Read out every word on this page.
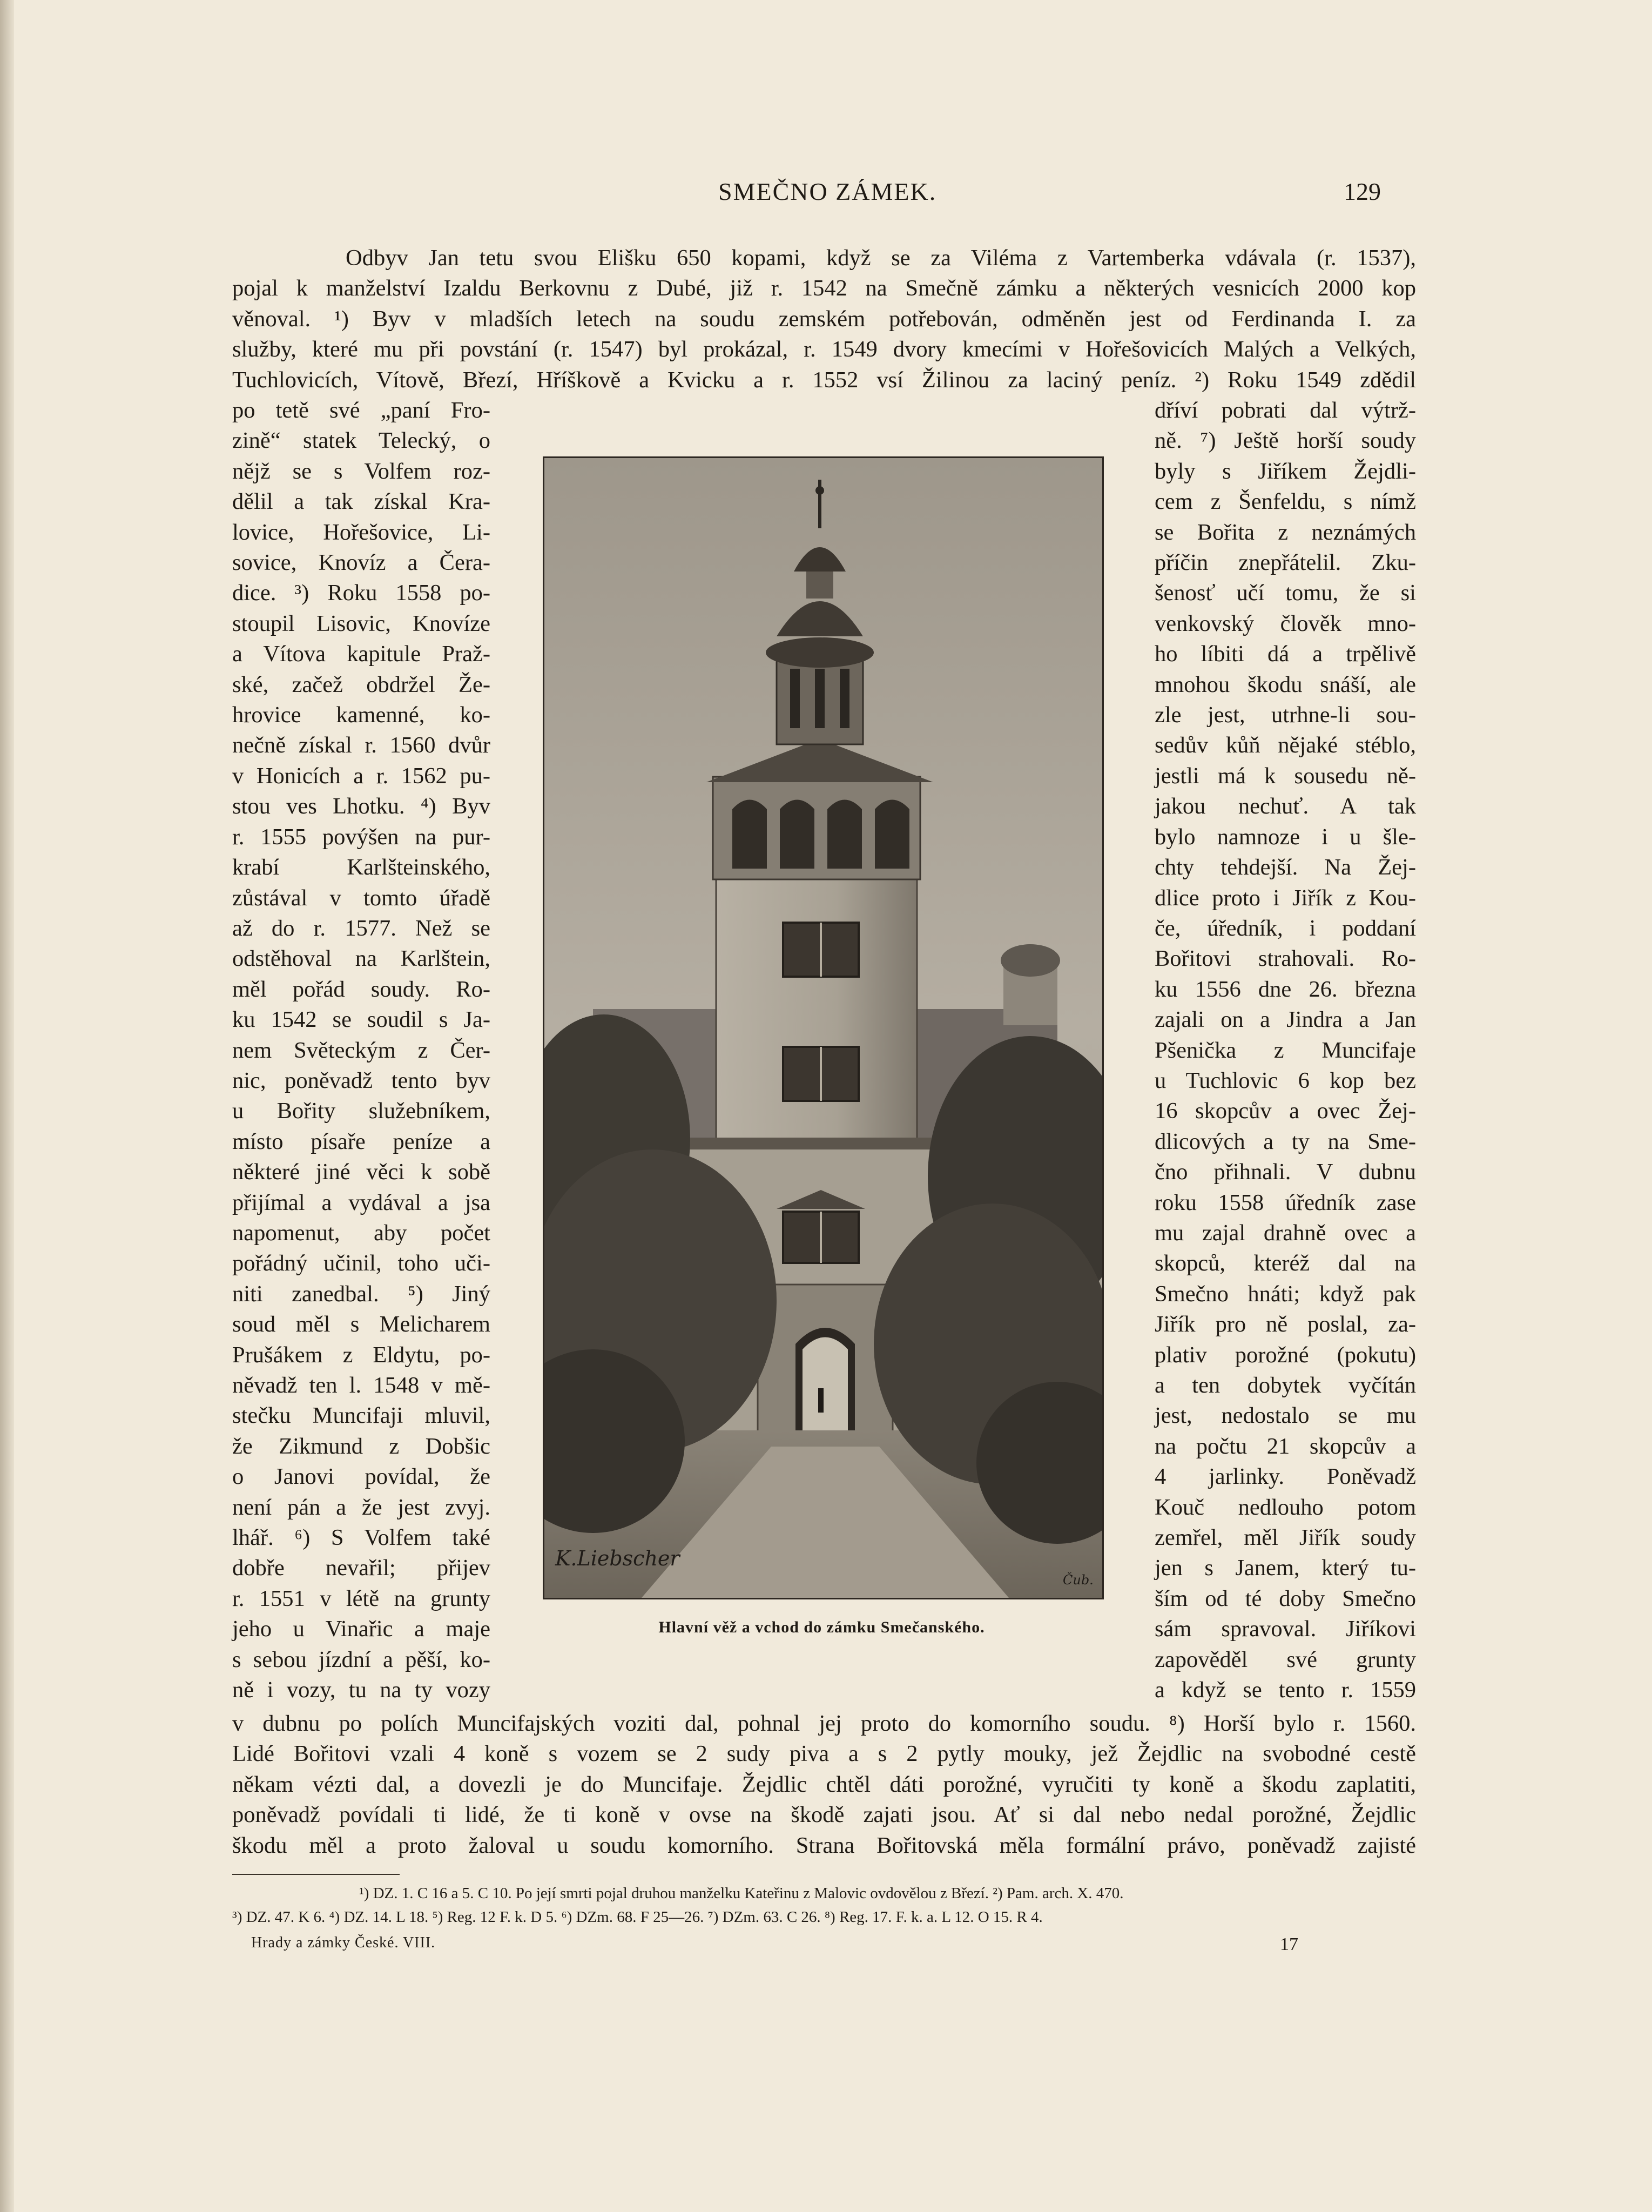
SMEČNO ZÁMEK.	129
Odbyv Jan tetu svou Elišku 650 kopami, když se za Viléma z Vartemberka vdávala (r. 1537),
pojal k manželství Izaldu Berkovnu z Dubé, již r. 1542 na Smečně zámku a některých vesnicích 2000 kop
věnoval. ¹) Byv v mladších letech na soudu zemském potřebován, odměněn jest od Ferdinanda I. za
služby, které mu při povstání (r. 1547) byl prokázal, r. 1549 dvory kmecími v Hořešovicích Malých a Velkých,
Tuchlovicích, Vítově, Březí, Hříškově a Kvicku a r. 1552 vsí Žilinou za laciný peníz. ²) Roku 1549 zdědil
po tetě své „paní Fro-
zině“ statek Telecký, o
nějž se s Volfem roz-
dělil a tak získal Kra-
lovice, Hořešovice, Li-
sovice, Knovíz a Čera-
dice. ³) Roku 1558 po-
stoupil Lisovic, Knovíze
a Vítova kapitule Praž-
ské, začež obdržel Že-
hrovice kamenné, ko-
nečně získal r. 1560 dvůr
v Honicích a r. 1562 pu-
stou ves Lhotku. ⁴) Byv
r. 1555 povýšen na pur-
krabí Karlšteinského,
zůstával v tomto úřadě
až do r. 1577. Než se
odstěhoval na Karlštein,
měl pořád soudy. Ro-
ku 1542 se soudil s Ja-
nem Světeckým z Čer-
nic, poněvadž tento byv
u Bořity služebníkem,
místo písaře peníze a
některé jiné věci k sobě
přijímal a vydával a jsa
napomenut, aby počet
pořádný učinil, toho uči-
niti zanedbal. ⁵) Jiný
soud měl s Melicharem
Prušákem z Eldytu, po-
něvadž ten l. 1548 v mě-
stečku Muncifaji mluvil,
že Zikmund z Dobšic
o Janovi povídal, že
není pán a že jest zvyj.
lhář. ⁶) S Volfem také
dobře nevařil; přijev
r. 1551 v létě na grunty
jeho u Vinařic a maje
s sebou jízdní a pěší, ko-
ně i vozy, tu na ty vozy
dříví pobrati dal výtrž-
ně. ⁷) Ještě horší soudy
byly s Jiříkem Žejdli-
cem z Šenfeldu, s nímž
se Bořita z neznámých
příčin znepřátelil. Zku-
šenosť učí tomu, že si
venkovský člověk mno-
ho líbiti dá a trpělivě
mnohou škodu snáší, ale
zle jest, utrhne-li sou-
sedův kůň nějaké stéblo,
jestli má k sousedu ně-
jakou nechuť. A tak
bylo namnoze i u šle-
chty tehdejší. Na Žej-
dlice proto i Jiřík z Kou-
če, úředník, i poddaní
Bořitovi strahovali. Ro-
ku 1556 dne 26. března
zajali on a Jindra a Jan
Pšenička z Muncifaje
u Tuchlovic 6 kop bez
16 skopcův a ovec Žej-
dlicových a ty na Sme-
čno přihnali. V dubnu
roku 1558 úředník zase
mu zajal drahně ovec a
skopců, kteréž dal na
Smečno hnáti; když pak
Jiřík pro ně poslal, za-
plativ porožné (pokutu)
a ten dobytek vyčítán
jest, nedostalo se mu
na počtu 21 skopcův a
4 jarlinky. Poněvadž
Kouč nedlouho potom
zemřel, měl Jiřík soudy
jen s Janem, který tu-
ším od té doby Smečno
sám spravoval. Jiříkovi
zapověděl své grunty
a když se tento r. 1559
K.Liebscher
Čub.
Hlavní věž a vchod do zámku Smečanského.
v dubnu po polích Muncifajských voziti dal, pohnal jej proto do komorního soudu. ⁸) Horší bylo r. 1560.
Lidé Bořitovi vzali 4 koně s vozem se 2 sudy piva a s 2 pytly mouky, jež Žejdlic na svobodné cestě
někam vézti dal, a dovezli je do Muncifaje. Žejdlic chtěl dáti porožné, vyručiti ty koně a škodu zaplatiti,
poněvadž povídali ti lidé, že ti koně v ovse na škodě zajati jsou. Ať si dal nebo nedal porožné, Žejdlic
škodu měl a proto žaloval u soudu komorního. Strana Bořitovská měla formální právo, poněvadž zajisté
¹) DZ. 1. C 16 a 5. C 10. Po její smrti pojal druhou manželku Kateřinu z Malovic ovdovělou z Březí. ²) Pam. arch. X. 470.
³) DZ. 47. K 6. ⁴) DZ. 14. L 18. ⁵) Reg. 12 F. k. D 5. ⁶) DZm. 68. F 25—26. ⁷) DZm. 63. C 26. ⁸) Reg. 17. F. k. a. L 12. O 15. R 4.
Hrady a zámky České. VIII.	17
